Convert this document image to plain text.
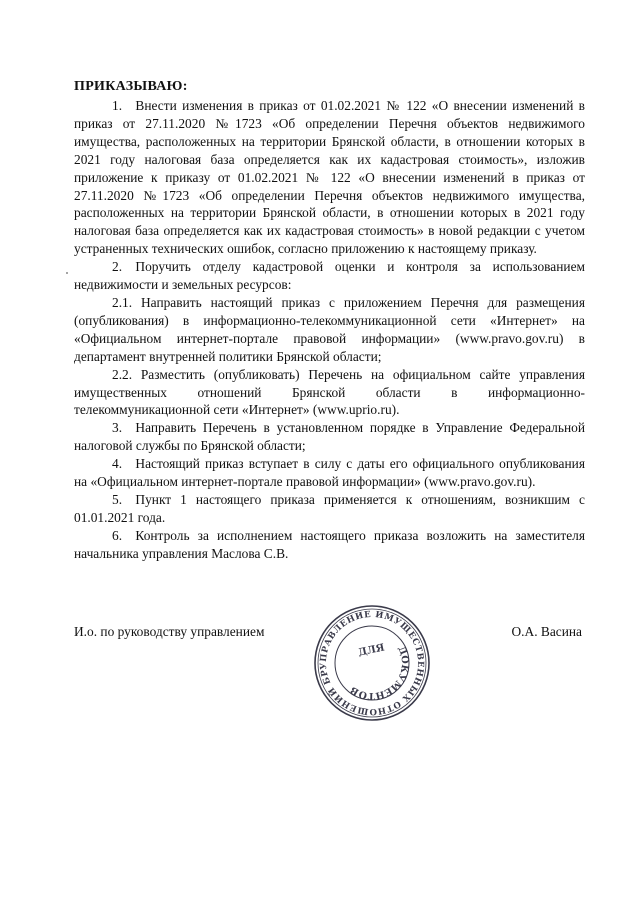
ПРИКАЗЫВАЮ:

1. Внести изменения в приказ от 01.02.2021 № 122 «О внесении изменений в приказ от 27.11.2020 №1723 «Об определении Перечня объектов недвижимого имущества, расположенных на территории Брянской области, в отношении которых в 2021 году налоговая база определяется как их кадастровая стоимость», изложив приложение к приказу от 01.02.2021 № 122 «О внесении изменений в приказ от 27.11.2020 №1723 «Об определении Перечня объектов недвижимого имущества, расположенных на территории Брянской области, в отношении которых в 2021 году налоговая база определяется как их кадастровая стоимость» в новой редакции с учетом устраненных технических ошибок, согласно приложению к настоящему приказу.

2. Поручить отделу кадастровой оценки и контроля за использованием недвижимости и земельных ресурсов:

2.1. Направить настоящий приказ с приложением Перечня для размещения (опубликования) в информационно-телекоммуникационной сети «Интернет» на «Официальном интернет-портале правовой информации» (www.pravo.gov.ru) в департамент внутренней политики Брянской области;

2.2. Разместить (опубликовать) Перечень на официальном сайте управления имущественных отношений Брянской области в информационно-телекоммуникационной сети «Интернет» (www.uprio.ru).

3. Направить Перечень в установленном порядке в Управление Федеральной налоговой службы по Брянской области;

4. Настоящий приказ вступает в силу с даты его официального опубликования на «Официальном интернет-портале правовой информации» (www.pravo.gov.ru).

5. Пункт 1 настоящего приказа применяется к отношениям, возникшим с 01.01.2021 года.

6. Контроль за исполнением настоящего приказа возложить на заместителя начальника управления Маслова С.В.

И.о. по руководству управлением	О.А. Васина
УПРАВЛЕНИЕ ИМУЩЕСТВЕННЫХ ОТНОШЕНИЙ БРЯНСКОЙ
ДЛЯ	ДОКУМЕНТОВ
